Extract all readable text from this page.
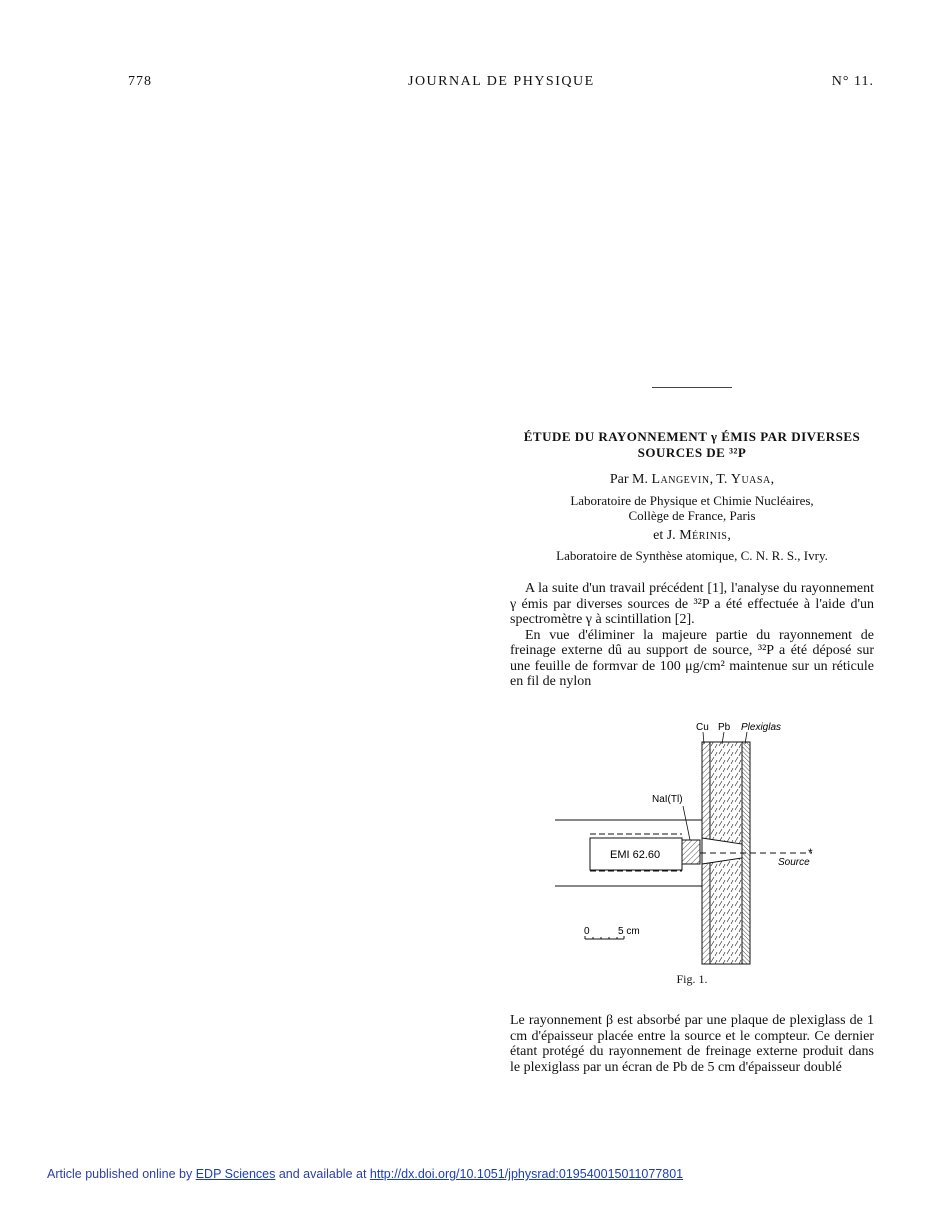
778	JOURNAL DE PHYSIQUE	N° 11.
ÉTUDE DU RAYONNEMENT γ ÉMIS PAR DIVERSES
SOURCES DE ³²P
Par M. Langevin, T. Yuasa,
Laboratoire de Physique et Chimie Nucléaires,
Collège de France, Paris
et J. Mérinis,
Laboratoire de Synthèse atomique, C. N. R. S., Ivry.

A la suite d'un travail précédent [1], l'analyse du rayonnement γ émis par diverses sources de ³²P a été effectuée à l'aide d'un spectromètre γ à scintillation [2].

En vue d'éliminer la majeure partie du rayonnement de freinage externe dû au support de source, ³²P a été déposé sur une feuille de formvar de 100 μg/cm² maintenue sur un réticule en fil de nylon

EMI 62.60	*
Source
Cu Pb Plexiglas
NaI(Tl)
0	5 cm
Fig. 1.

Le rayonnement β est absorbé par une plaque de plexiglass de 1 cm d'épaisseur placée entre la source et le compteur. Ce dernier étant protégé du rayonnement de freinage externe produit dans le plexiglass par un écran de Pb de 5 cm d'épaisseur doublé

Article published online by EDP Sciences and available at http://dx.doi.org/10.1051/jphysrad:019540015011077801
